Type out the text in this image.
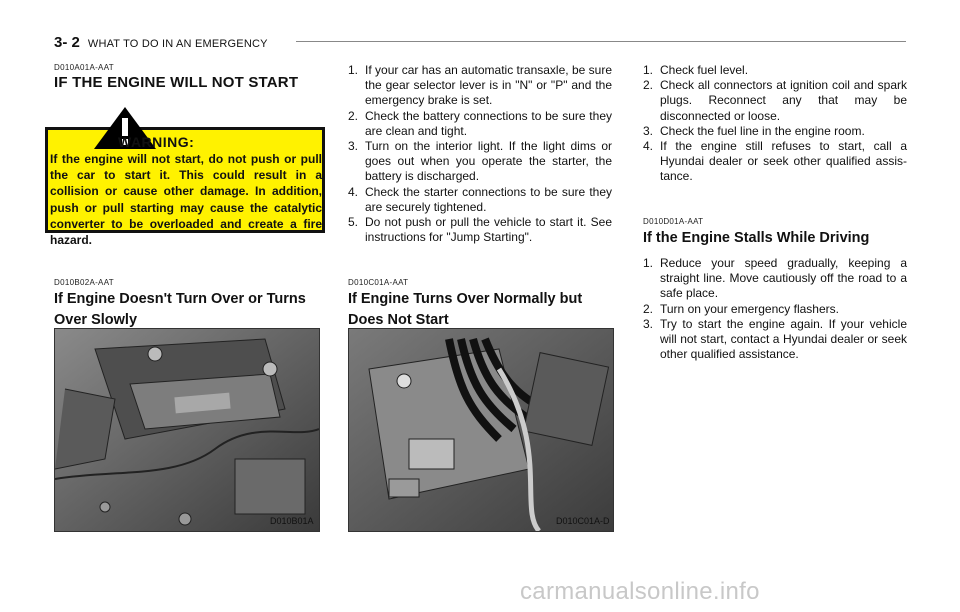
3- 2 WHAT TO DO IN AN EMERGENCY
D010A01A-AAT
IF THE ENGINE WILL NOT START
WARNING:
If the engine will not start, do not push or pull the car to start it. This could result in a collision or cause other damage. In addition, push or pull starting may cause the catalytic converter to be overloaded and create a fire hazard.
D010B02A-AAT
If Engine Doesn't Turn Over or Turns Over Slowly
D010B01A
1. If your car has an automatic transaxle, be sure the gear selector lever is in "N" or "P" and the emergency brake is set.
2. Check the battery connections to be sure they are clean and tight.
3. Turn on the interior light. If the light dims or goes out when you operate the starter, the battery is discharged.
4. Check the starter connections to be sure they are securely tightened.
5. Do not push or pull the vehicle to start it. See instructions for "Jump Starting".
D010C01A-AAT
If Engine Turns Over Normally but Does Not Start
D010C01A-D
1. Check fuel level.
2. Check all connectors at ignition coil and spark plugs. Reconnect any that may be disconnected or loose.
3. Check the fuel line in the engine room.
4. If the engine still refuses to start, call a Hyundai dealer or seek other qualified assis-tance.
D010D01A-AAT
If the Engine Stalls While Driving
1. Reduce your speed gradually, keeping a straight line. Move cautiously off the road to a safe place.
2. Turn on your emergency flashers.
3. Try to start the engine again. If your vehicle will not start, contact a Hyundai dealer or seek other qualified assistance.
carmanualsonline.info
